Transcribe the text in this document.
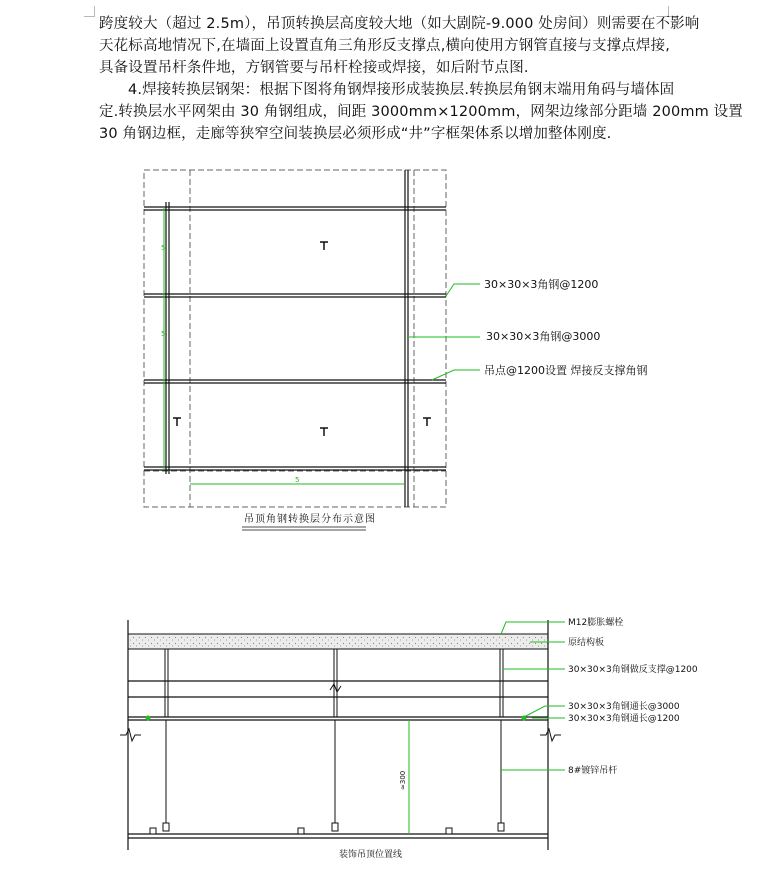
跨度较大（超过 2.5m），吊顶转换层高度较大地（如大剧院-9.000 处房间）则需要在不影响

天花标高地情况下,在墙面上设置直角三角形反支撑点,横向使用方钢管直接与支撑点焊接,

具备设置吊杆条件地，方钢管要与吊杆栓接或焊接，如后附节点图.

4.焊接转换层钢架：根据下图将角钢焊接形成装换层.转换层角钢末端用角码与墙体固

定.转换层水平网架由 30 角钢组成，间距 3000mm×1200mm，网架边缘部分距墙 200mm 设置

30 角钢边框，走廊等狭窄空间装换层必须形成“井”字框架体系以增加整体刚度.

5
5
5
30×30×3角钢@1200
30×30×3角钢@3000
吊点@1200设置 焊接反支撑角钢
吊顶角钢转换层分布示意图
≈300
M12膨胀螺栓
原结构板
30×30×3角钢做反支撑@1200
30×30×3角钢通长@3000
30×30×3角钢通长@1200
8#镀锌吊杆
装饰吊顶位置线
